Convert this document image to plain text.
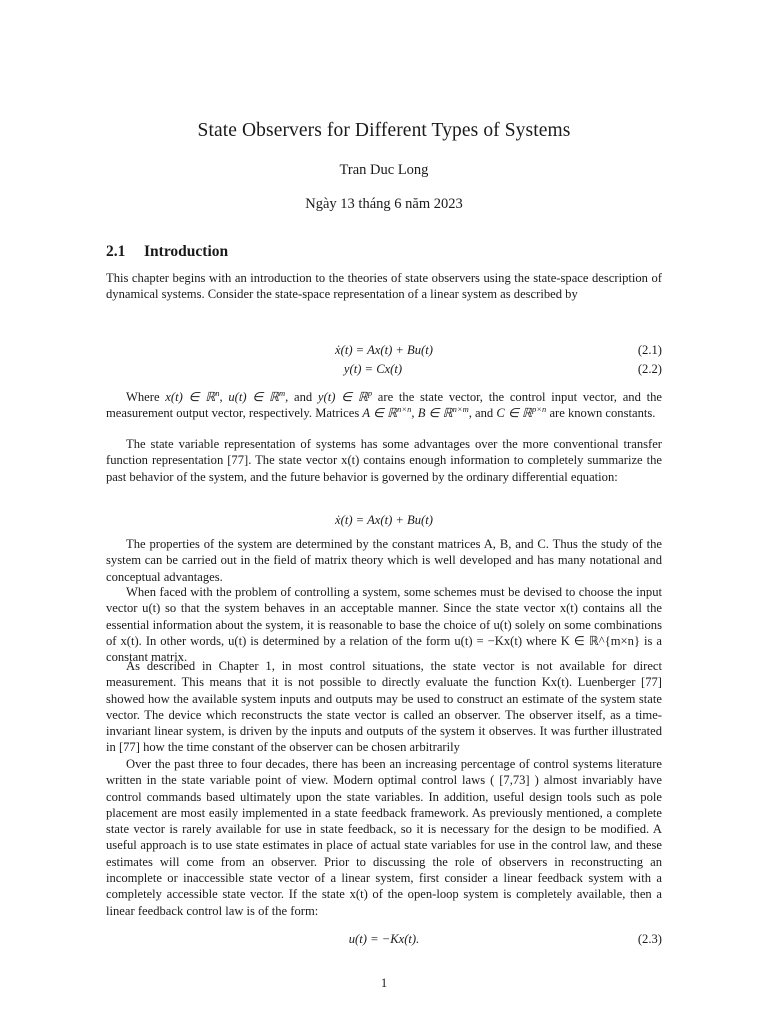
State Observers for Different Types of Systems
Tran Duc Long
Ngày 13 tháng 6 năm 2023
2.1 Introduction

This chapter begins with an introduction to the theories of state observers using the state-space description of dynamical systems. Consider the state-space representation of a linear system as described by

ẋ(t) = Ax(t) + Bu(t)	(2.1)
y(t) = Cx(t)	(2.2)

Where x(t) ∈ ℝ$^n$, u(t) ∈ ℝ$^m$, and y(t) ∈ ℝ$^p$ are the state vector, the control input vector, and the measurement output vector, respectively. Matrices A ∈ ℝ$^{n\times n}$, B ∈ ℝ$^{n\times m}$, and C ∈ ℝ$^{p\times n}$ are known constants.

The state variable representation of systems has some advantages over the more conventional transfer function representation [77]. The state vector x(t) contains enough information to completely summarize the past behavior of the system, and the future behavior is governed by the ordinary differential equation:

ẋ(t) = Ax(t) + Bu(t)

The properties of the system are determined by the constant matrices A, B, and C. Thus the study of the system can be carried out in the field of matrix theory which is well developed and has many notational and conceptual advantages.

When faced with the problem of controlling a system, some schemes must be devised to choose the input vector u(t) so that the system behaves in an acceptable manner. Since the state vector x(t) contains all the essential information about the system, it is reasonable to base the choice of u(t) solely on some combinations of x(t). In other words, u(t) is determined by a relation of the form u(t) = −Kx(t) where K ∈ ℝ^{m×n} is a constant matrix.

As described in Chapter 1, in most control situations, the state vector is not available for direct measurement. This means that it is not possible to directly evaluate the function Kx(t). Luenberger [77] showed how the available system inputs and outputs may be used to construct an estimate of the system state vector. The device which reconstructs the state vector is called an observer. The observer itself, as a time-invariant linear system, is driven by the inputs and outputs of the system it observes. It was further illustrated in [77] how the time constant of the observer can be chosen arbitrarily

Over the past three to four decades, there has been an increasing percentage of control systems literature written in the state variable point of view. Modern optimal control laws ( [7,73] ) almost invariably have control commands based ultimately upon the state variables. In addition, useful design tools such as pole placement are most easily implemented in a state feedback framework. As previously mentioned, a complete state vector is rarely available for use in state feedback, so it is necessary for the design to be modified. A useful approach is to use state estimates in place of actual state variables for use in the control law, and these estimates will come from an observer. Prior to discussing the role of observers in reconstructing an incomplete or inaccessible state vector of a linear system, first consider a linear feedback system with a completely accessible state vector. If the state x(t) of the open-loop system is completely available, then a linear feedback control law is of the form:

u(t) = −Kx(t).	(2.3)
1
